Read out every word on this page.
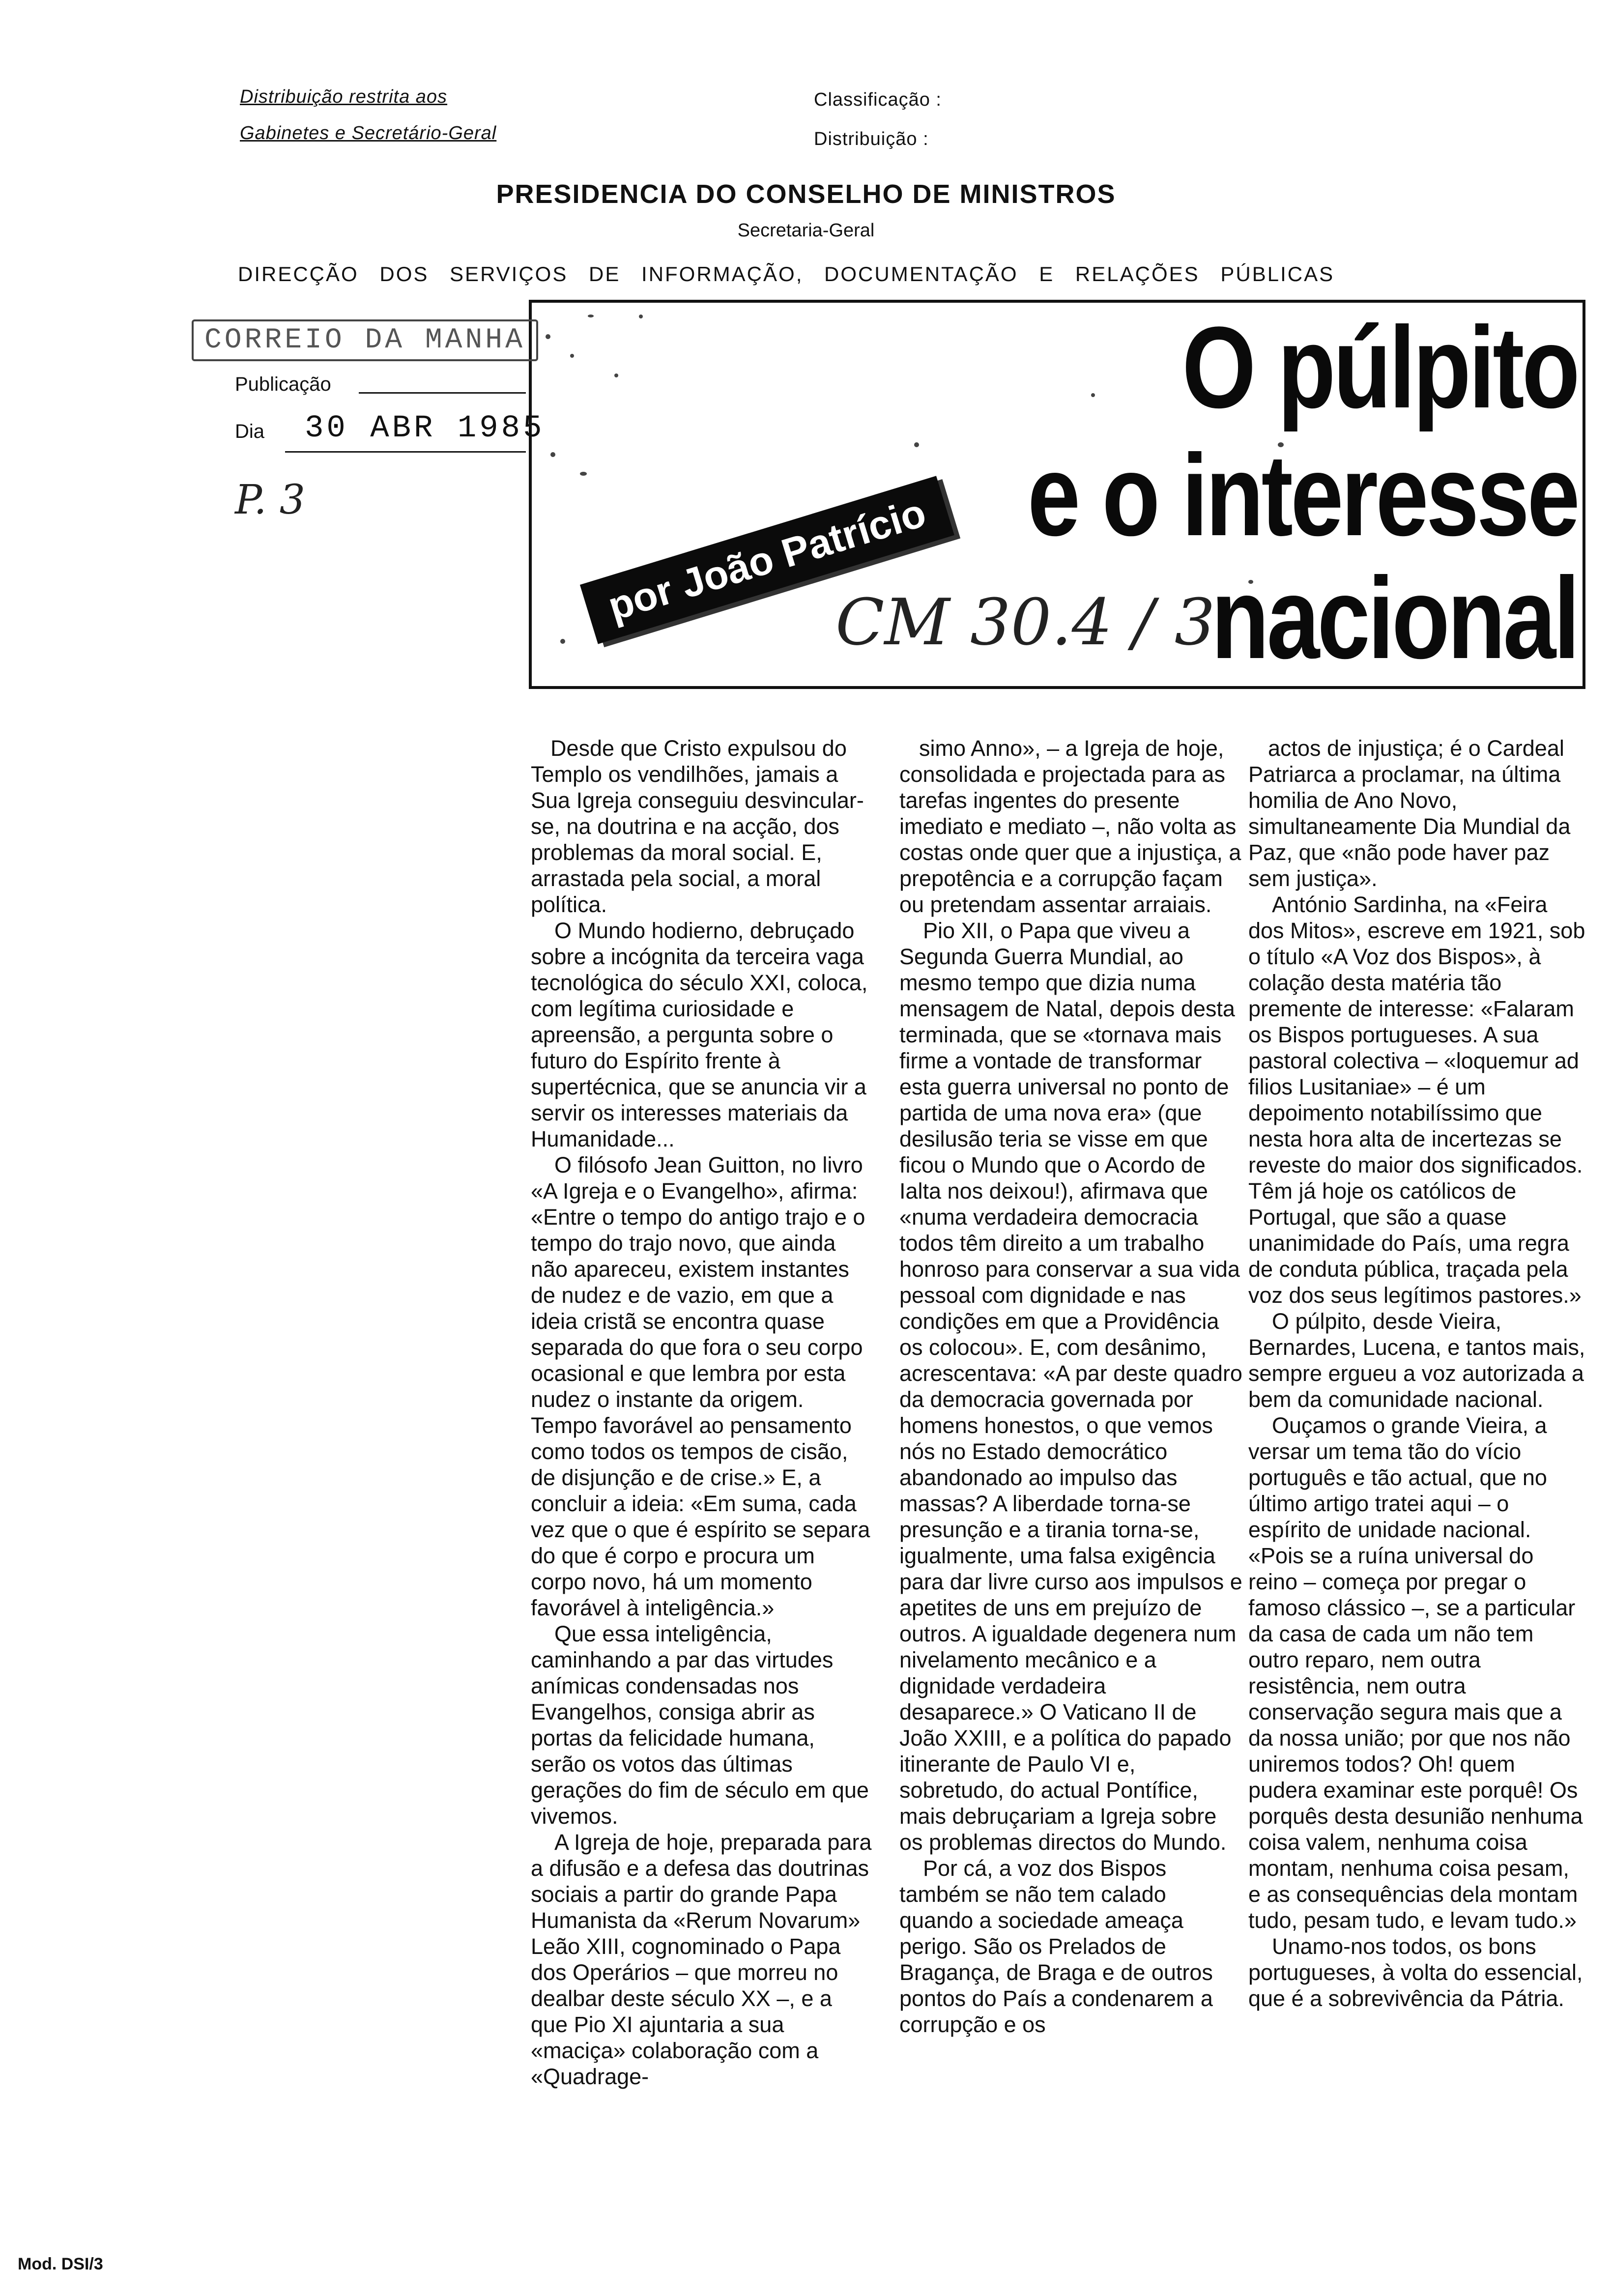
Distribuição restrita aos
Gabinetes e Secretário-Geral
Classificação :
Distribuição :
PRESIDENCIA DO CONSELHO DE MINISTROS
Secretaria-Geral
DIRECÇÃO DOS SERVIÇOS DE INFORMAÇÃO, DOCUMENTAÇÃO E RELAÇÕES PÚBLICAS
CORREIO DA MANHA
Publicação
Dia 30 ABR 1985
P. 3
O púlpito
e o interesse
nacional
por João Patrício
CM 30.4 / 3

Desde que Cristo expulsou do Templo os vendilhões, jamais a Sua Igreja conseguiu desvincular-se, na doutrina e na acção, dos problemas da moral social. E, arrastada pela social, a moral política.

O Mundo hodierno, debruçado sobre a incógnita da terceira vaga tecnológica do século XXI, coloca, com legítima curiosidade e apreensão, a pergunta sobre o futuro do Espírito frente à supertécnica, que se anuncia vir a servir os interesses materiais da Humanidade...

O filósofo Jean Guitton, no livro «A Igreja e o Evangelho», afirma: «Entre o tempo do antigo trajo e o tempo do trajo novo, que ainda não apareceu, existem instantes de nudez e de vazio, em que a ideia cristã se encontra quase separada do que fora o seu corpo ocasional e que lembra por esta nudez o instante da origem. Tempo favorável ao pensamento como todos os tempos de cisão, de disjunção e de crise.» E, a concluir a ideia: «Em suma, cada vez que o que é espírito se separa do que é corpo e procura um corpo novo, há um momento favorável à inteligência.»

Que essa inteligência, caminhando a par das virtudes anímicas condensadas nos Evangelhos, consiga abrir as portas da felicidade humana, serão os votos das últimas gerações do fim de século em que vivemos.

A Igreja de hoje, preparada para a difusão e a defesa das doutrinas sociais a partir do grande Papa Humanista da «Rerum Novarum» Leão XIII, cognominado o Papa dos Operários – que morreu no dealbar deste século XX –, e a que Pio XI ajuntaria a sua «maciça» colaboração com a «Quadrage-

simo Anno», – a Igreja de hoje, consolidada e projectada para as tarefas ingentes do presente imediato e mediato –, não volta as costas onde quer que a injustiça, a prepotência e a corrupção façam ou pretendam assentar arraiais.

Pio XII, o Papa que viveu a Segunda Guerra Mundial, ao mesmo tempo que dizia numa mensagem de Natal, depois desta terminada, que se «tornava mais firme a vontade de transformar esta guerra universal no ponto de partida de uma nova era» (que desilusão teria se visse em que ficou o Mundo que o Acordo de Ialta nos deixou!), afirmava que «numa verdadeira democracia todos têm direito a um trabalho honroso para conservar a sua vida pessoal com dignidade e nas condições em que a Providência os colocou». E, com desânimo, acrescentava: «A par deste quadro da democracia governada por homens honestos, o que vemos nós no Estado democrático abandonado ao impulso das massas? A liberdade torna-se presunção e a tirania torna-se, igualmente, uma falsa exigência para dar livre curso aos impulsos e apetites de uns em prejuízo de outros. A igualdade degenera num nivelamento mecânico e a dignidade verdadeira desaparece.» O Vaticano II de João XXIII, e a política do papado itinerante de Paulo VI e, sobretudo, do actual Pontífice, mais debruçariam a Igreja sobre os problemas directos do Mundo.

Por cá, a voz dos Bispos também se não tem calado quando a sociedade ameaça perigo. São os Prelados de Bragança, de Braga e de outros pontos do País a condenarem a corrupção e os

actos de injustiça; é o Cardeal Patriarca a proclamar, na última homilia de Ano Novo, simultaneamente Dia Mundial da Paz, que «não pode haver paz sem justiça».

António Sardinha, na «Feira dos Mitos», escreve em 1921, sob o título «A Voz dos Bispos», à colação desta matéria tão premente de interesse: «Falaram os Bispos portugueses. A sua pastoral colectiva – «loquemur ad filios Lusitaniae» – é um depoimento notabilíssimo que nesta hora alta de incertezas se reveste do maior dos significados. Têm já hoje os católicos de Portugal, que são a quase unanimidade do País, uma regra de conduta pública, traçada pela voz dos seus legítimos pastores.»

O púlpito, desde Vieira, Bernardes, Lucena, e tantos mais, sempre ergueu a voz autorizada a bem da comunidade nacional.

Ouçamos o grande Vieira, a versar um tema tão do vício português e tão actual, que no último artigo tratei aqui – o espírito de unidade nacional. «Pois se a ruína universal do reino – começa por pregar o famoso clássico –, se a particular da casa de cada um não tem outro reparo, nem outra resistência, nem outra conservação segura mais que a da nossa união; por que nos não uniremos todos? Oh! quem pudera examinar este porquê! Os porquês desta desunião nenhuma coisa valem, nenhuma coisa montam, nenhuma coisa pesam, e as consequências dela montam tudo, pesam tudo, e levam tudo.»

Unamo-nos todos, os bons portugueses, à volta do essencial, que é a sobrevivência da Pátria.

Mod. DSI/3
